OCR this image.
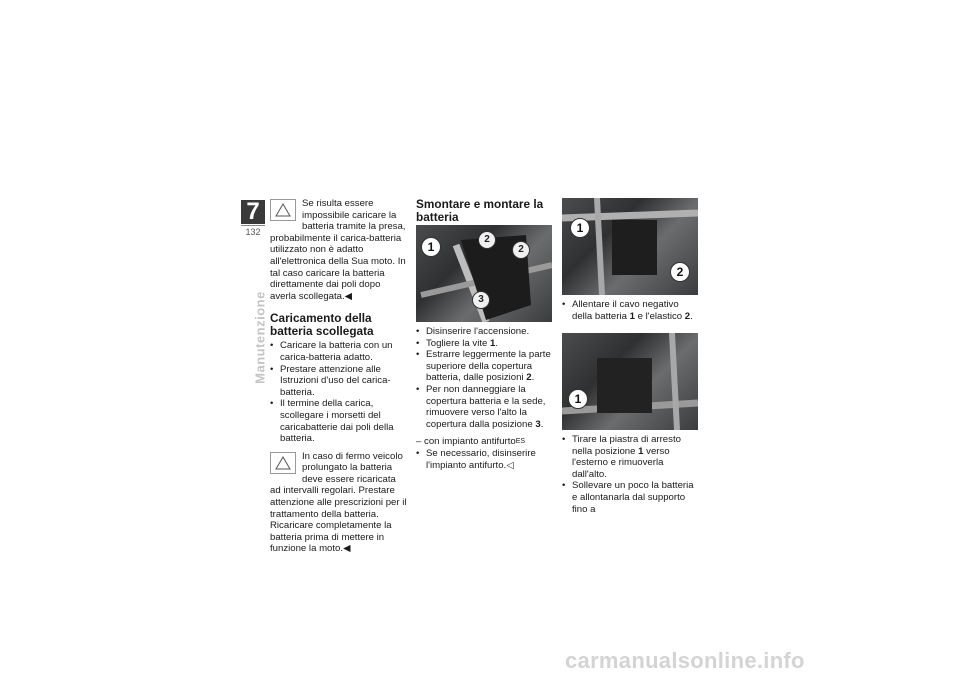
7
132
Manutenzione

Se risulta essere impossibile caricare la batteria tramite la presa, probabilmente il carica-batteria utilizzato non è adatto all'elettronica della Sua moto. In tal caso caricare la batteria direttamente dai poli dopo averla scollegata.◀

Caricamento della batteria scollegata
• Caricare la batteria con un carica-batteria adatto.
• Prestare attenzione alle Istruzioni d'uso del carica-batteria.
• Il termine della carica, scollegare i morsetti del caricabatterie dai poli della batteria.

In caso di fermo veicolo prolungato la batteria deve essere ricaricata ad intervalli regolari. Prestare attenzione alle prescrizioni per il trattamento della batteria. Ricaricare completamente la batteria prima di mettere in funzione la moto.◀

Smontare e montare la batteria
1
2
2
3
• Disinserire l'accensione.
• Togliere la vite 1.
• Estrarre leggermente la parte superiore della copertura batteria, dalle posizioni 2.
• Per non danneggiare la copertura batteria e la sede, rimuovere verso l'alto la copertura dalla posizione 3.

– con impianto antifurto$^{ES}$

• Se necessario, disinserire l'impianto antifurto.◁
1
2
• Allentare il cavo negativo della batteria 1 e l'elastico 2.
1
• Tirare la piastra di arresto nella posizione 1 verso l'esterno e rimuoverla dall'alto.
• Sollevare un poco la batteria e allontanarla dal supporto fino a
carmanualsonline.info
